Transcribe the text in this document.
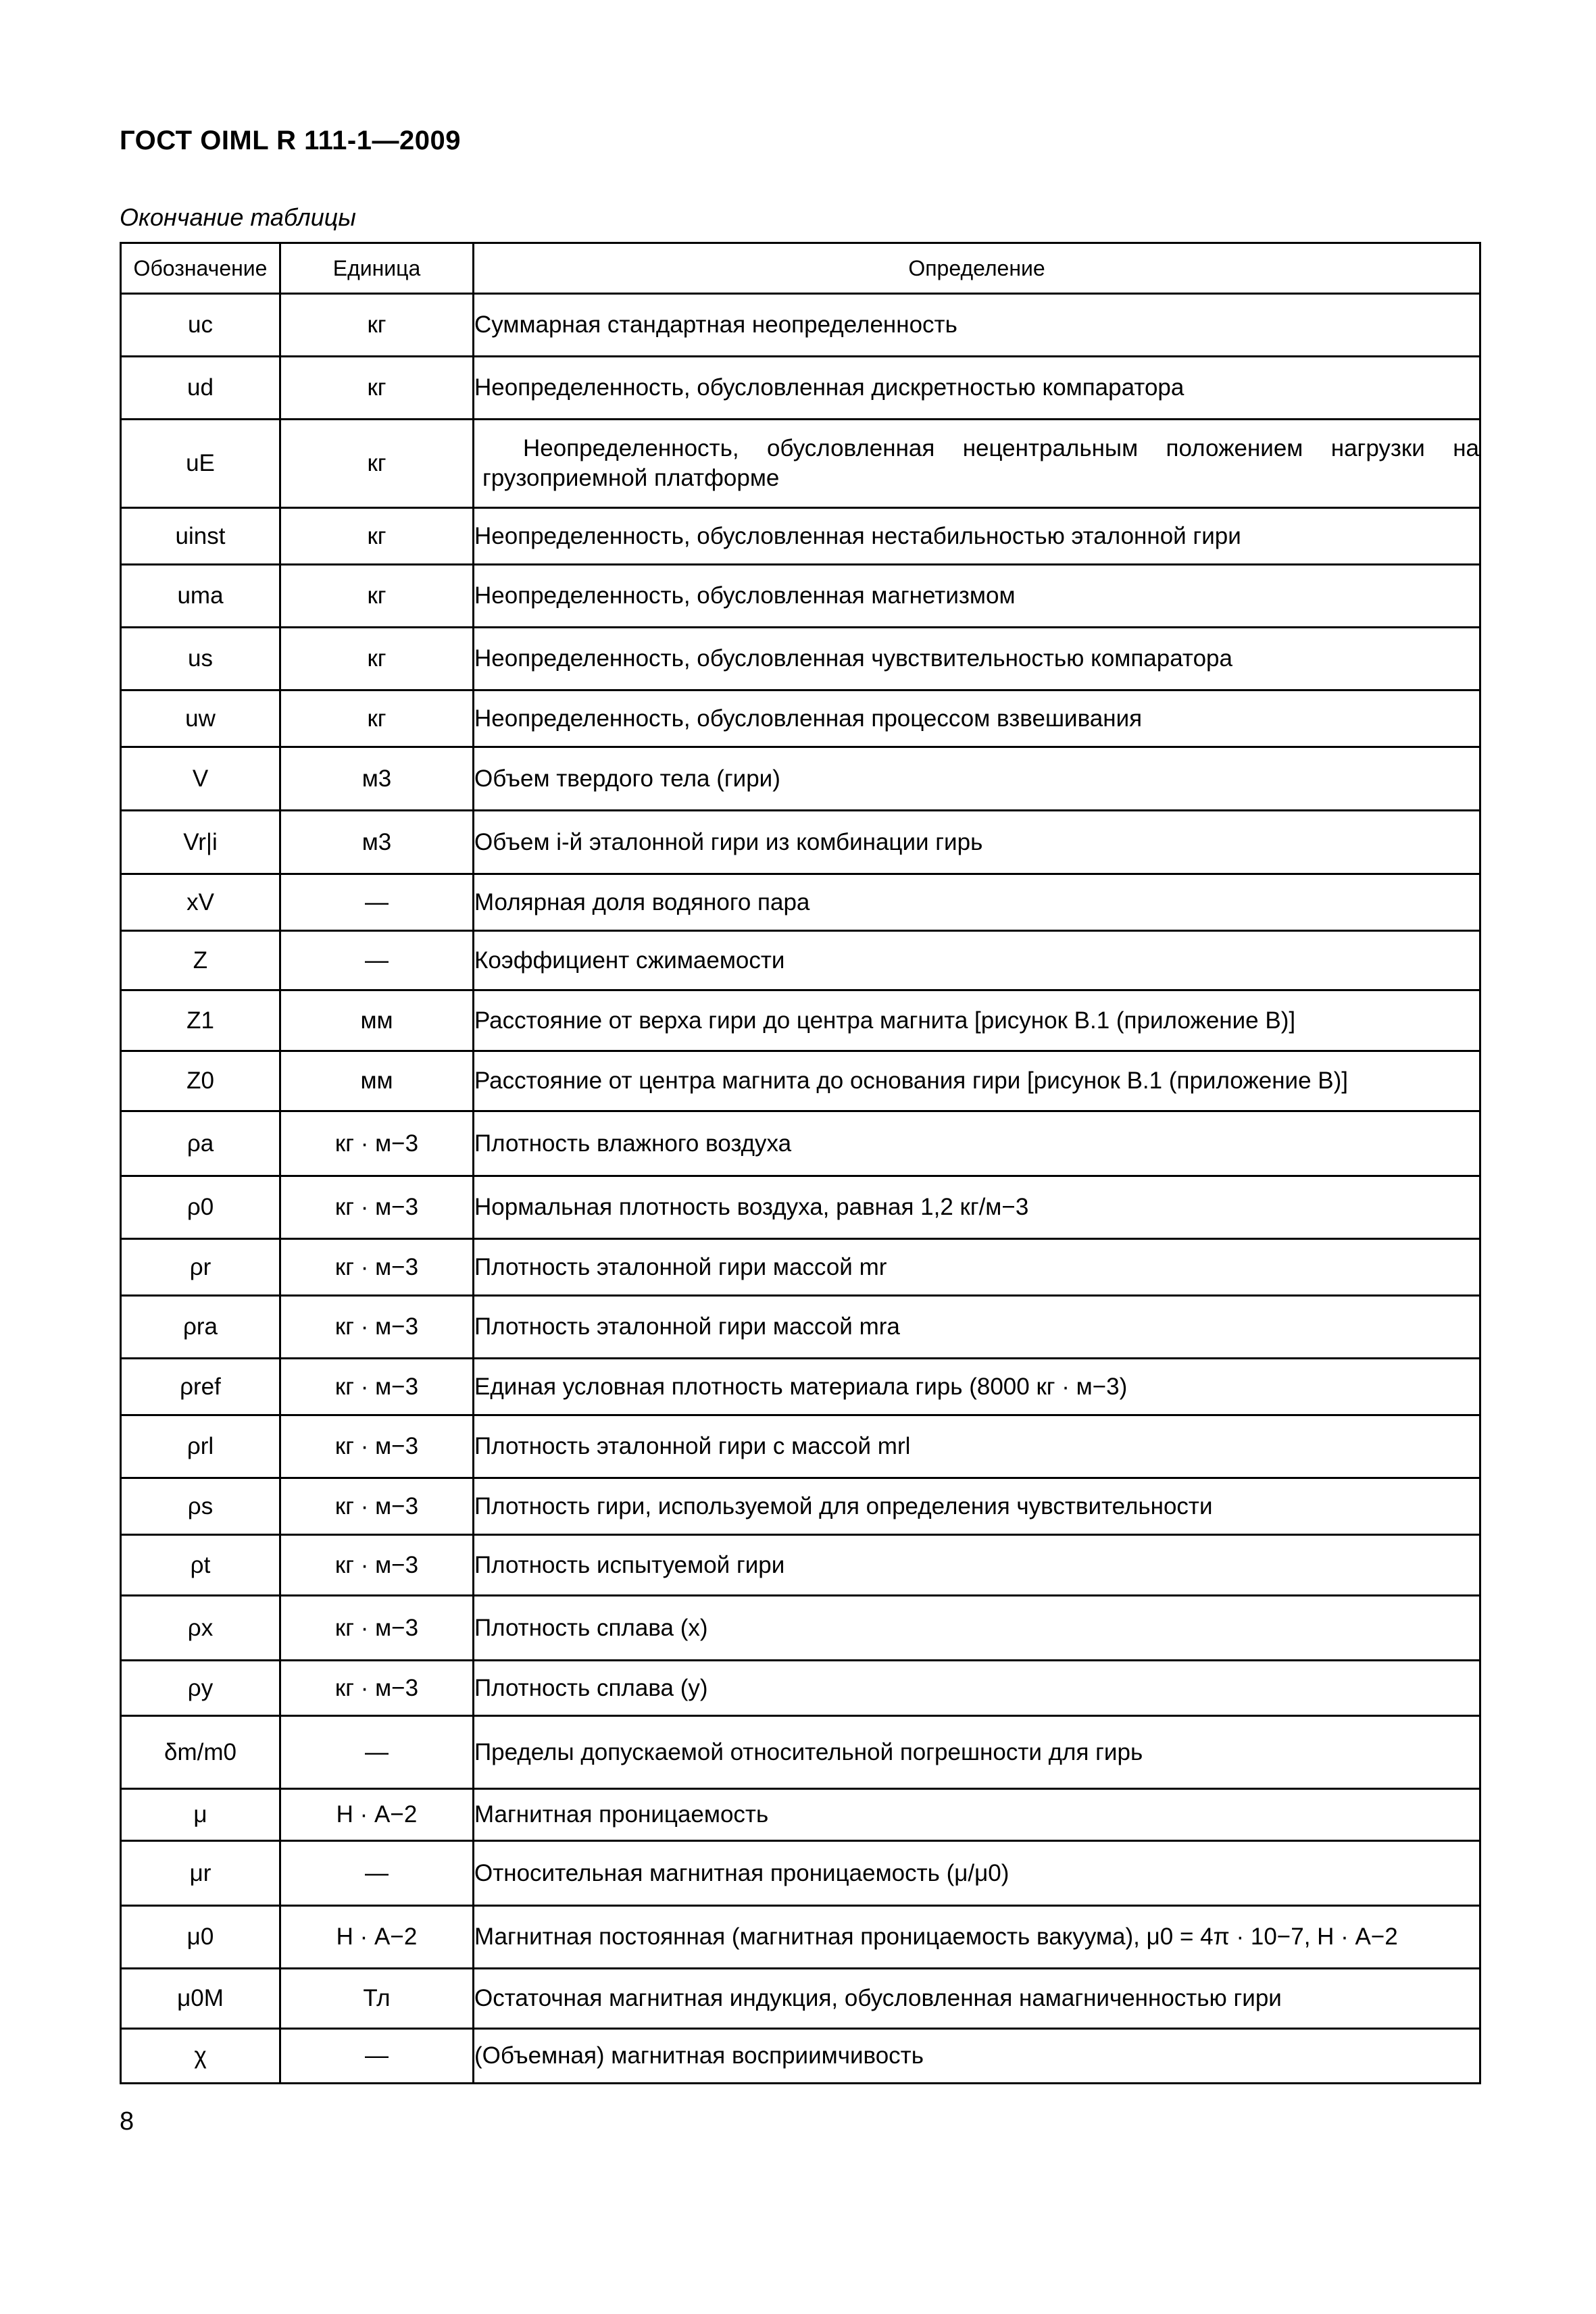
ГОСТ OIML R 111-1—2009
Окончание таблицы
Обозначение	Единица	Определение
uc	кг	Суммарная стандартная неопределенность
ud	кг	Неопределенность, обусловленная дискретностью компаратора
uE	кг	Неопределенность, обусловленная нецентральным положением нагрузки на грузоприемной платформе
uinst	кг	Неопределенность, обусловленная нестабильностью эталонной гири
uma	кг	Неопределенность, обусловленная магнетизмом
us	кг	Неопределенность, обусловленная чувствительностью компаратора
uw	кг	Неопределенность, обусловленная процессом взвешивания
V	м3	Объем твердого тела (гири)
Vr|i	м3	Объем i-й эталонной гири из комбинации гирь
xV	—	Молярная доля водяного пара
Z	—	Коэффициент сжимаемости
Z1	мм	Расстояние от верха гири до центра магнита [рисунок В.1 (приложение В)]
Z0	мм	Расстояние от центра магнита до основания гири [рисунок В.1 (приложение В)]
ρa	кг · м−3	Плотность влажного воздуха
ρ0	кг · м−3	Нормальная плотность воздуха, равная 1,2 кг/м−3
ρr	кг · м−3	Плотность эталонной гири массой mr
ρra	кг · м−3	Плотность эталонной гири массой mra
ρref	кг · м−3	Единая условная плотность материала гирь (8000 кг · м−3)
ρrl	кг · м−3	Плотность эталонной гири с массой mrl
ρs	кг · м−3	Плотность гири, используемой для определения чувствительности
ρt	кг · м−3	Плотность испытуемой гири
ρx	кг · м−3	Плотность сплава (x)
ρy	кг · м−3	Плотность сплава (y)
δm/m0	—	Пределы допускаемой относительной погрешности для гирь
μ	Н · А−2	Магнитная проницаемость
μr	—	Относительная магнитная проницаемость (μ/μ0)
μ0	Н · А−2	Магнитная постоянная (магнитная проницаемость вакуума), μ0 = 4π · 10−7, Н · А−2
μ0M	Тл	Остаточная магнитная индукция, обусловленная намагниченностью гири
χ	—	(Объемная) магнитная восприимчивость
8
